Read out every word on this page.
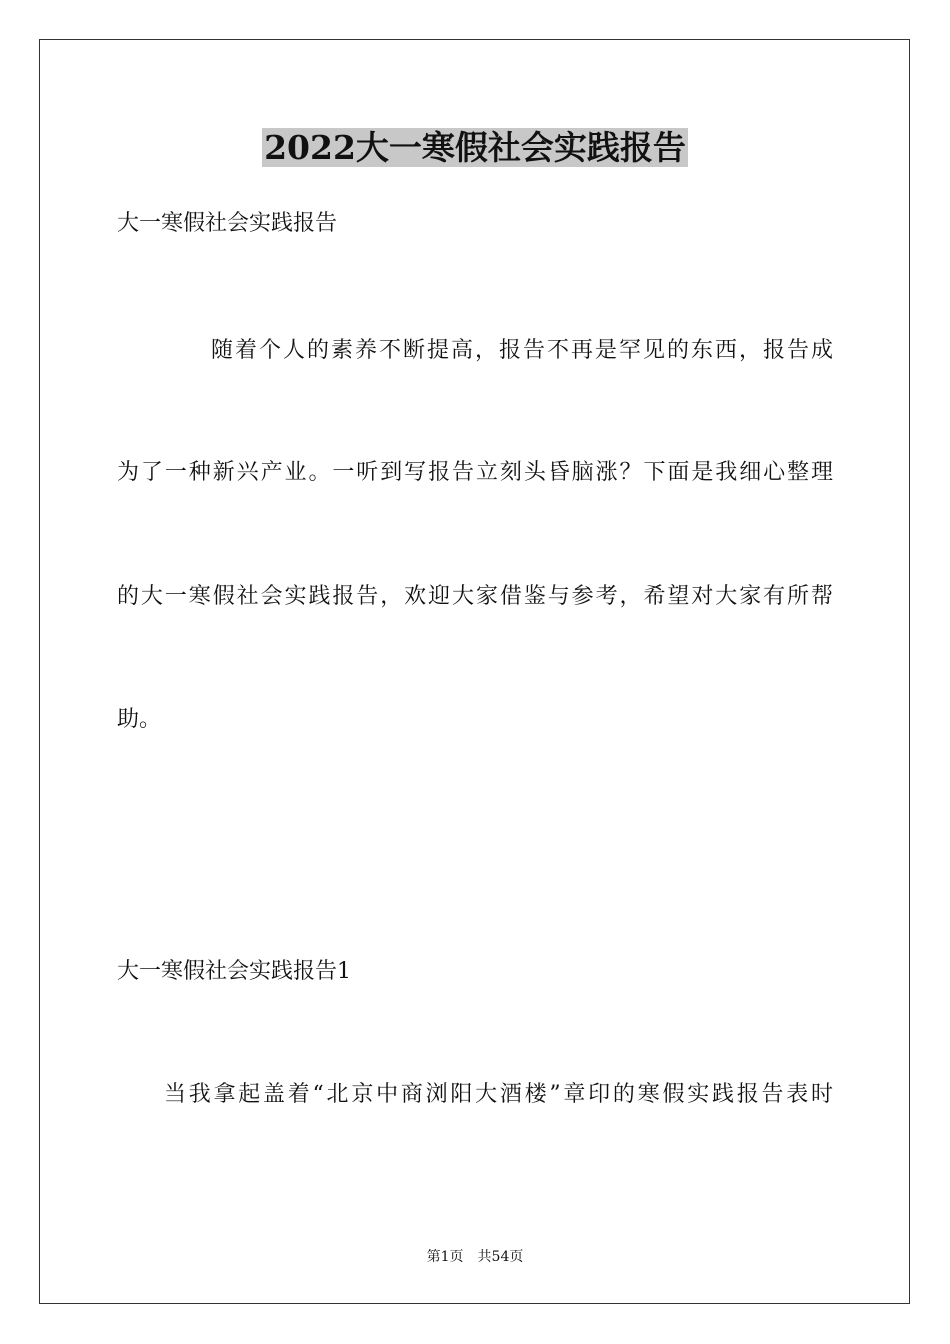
2022大一寒假社会实践报告
大一寒假社会实践报告
随着个人的素养不断提高，报告不再是罕见的东西，报告成
为了一种新兴产业。一听到写报告立刻头昏脑涨？下面是我细心整理
的大一寒假社会实践报告，欢迎大家借鉴与参考，希望对大家有所帮
助。
大一寒假社会实践报告1
当我拿起盖着“北京中商浏阳大酒楼”章印的寒假实践报告表时
第1页 共54页
